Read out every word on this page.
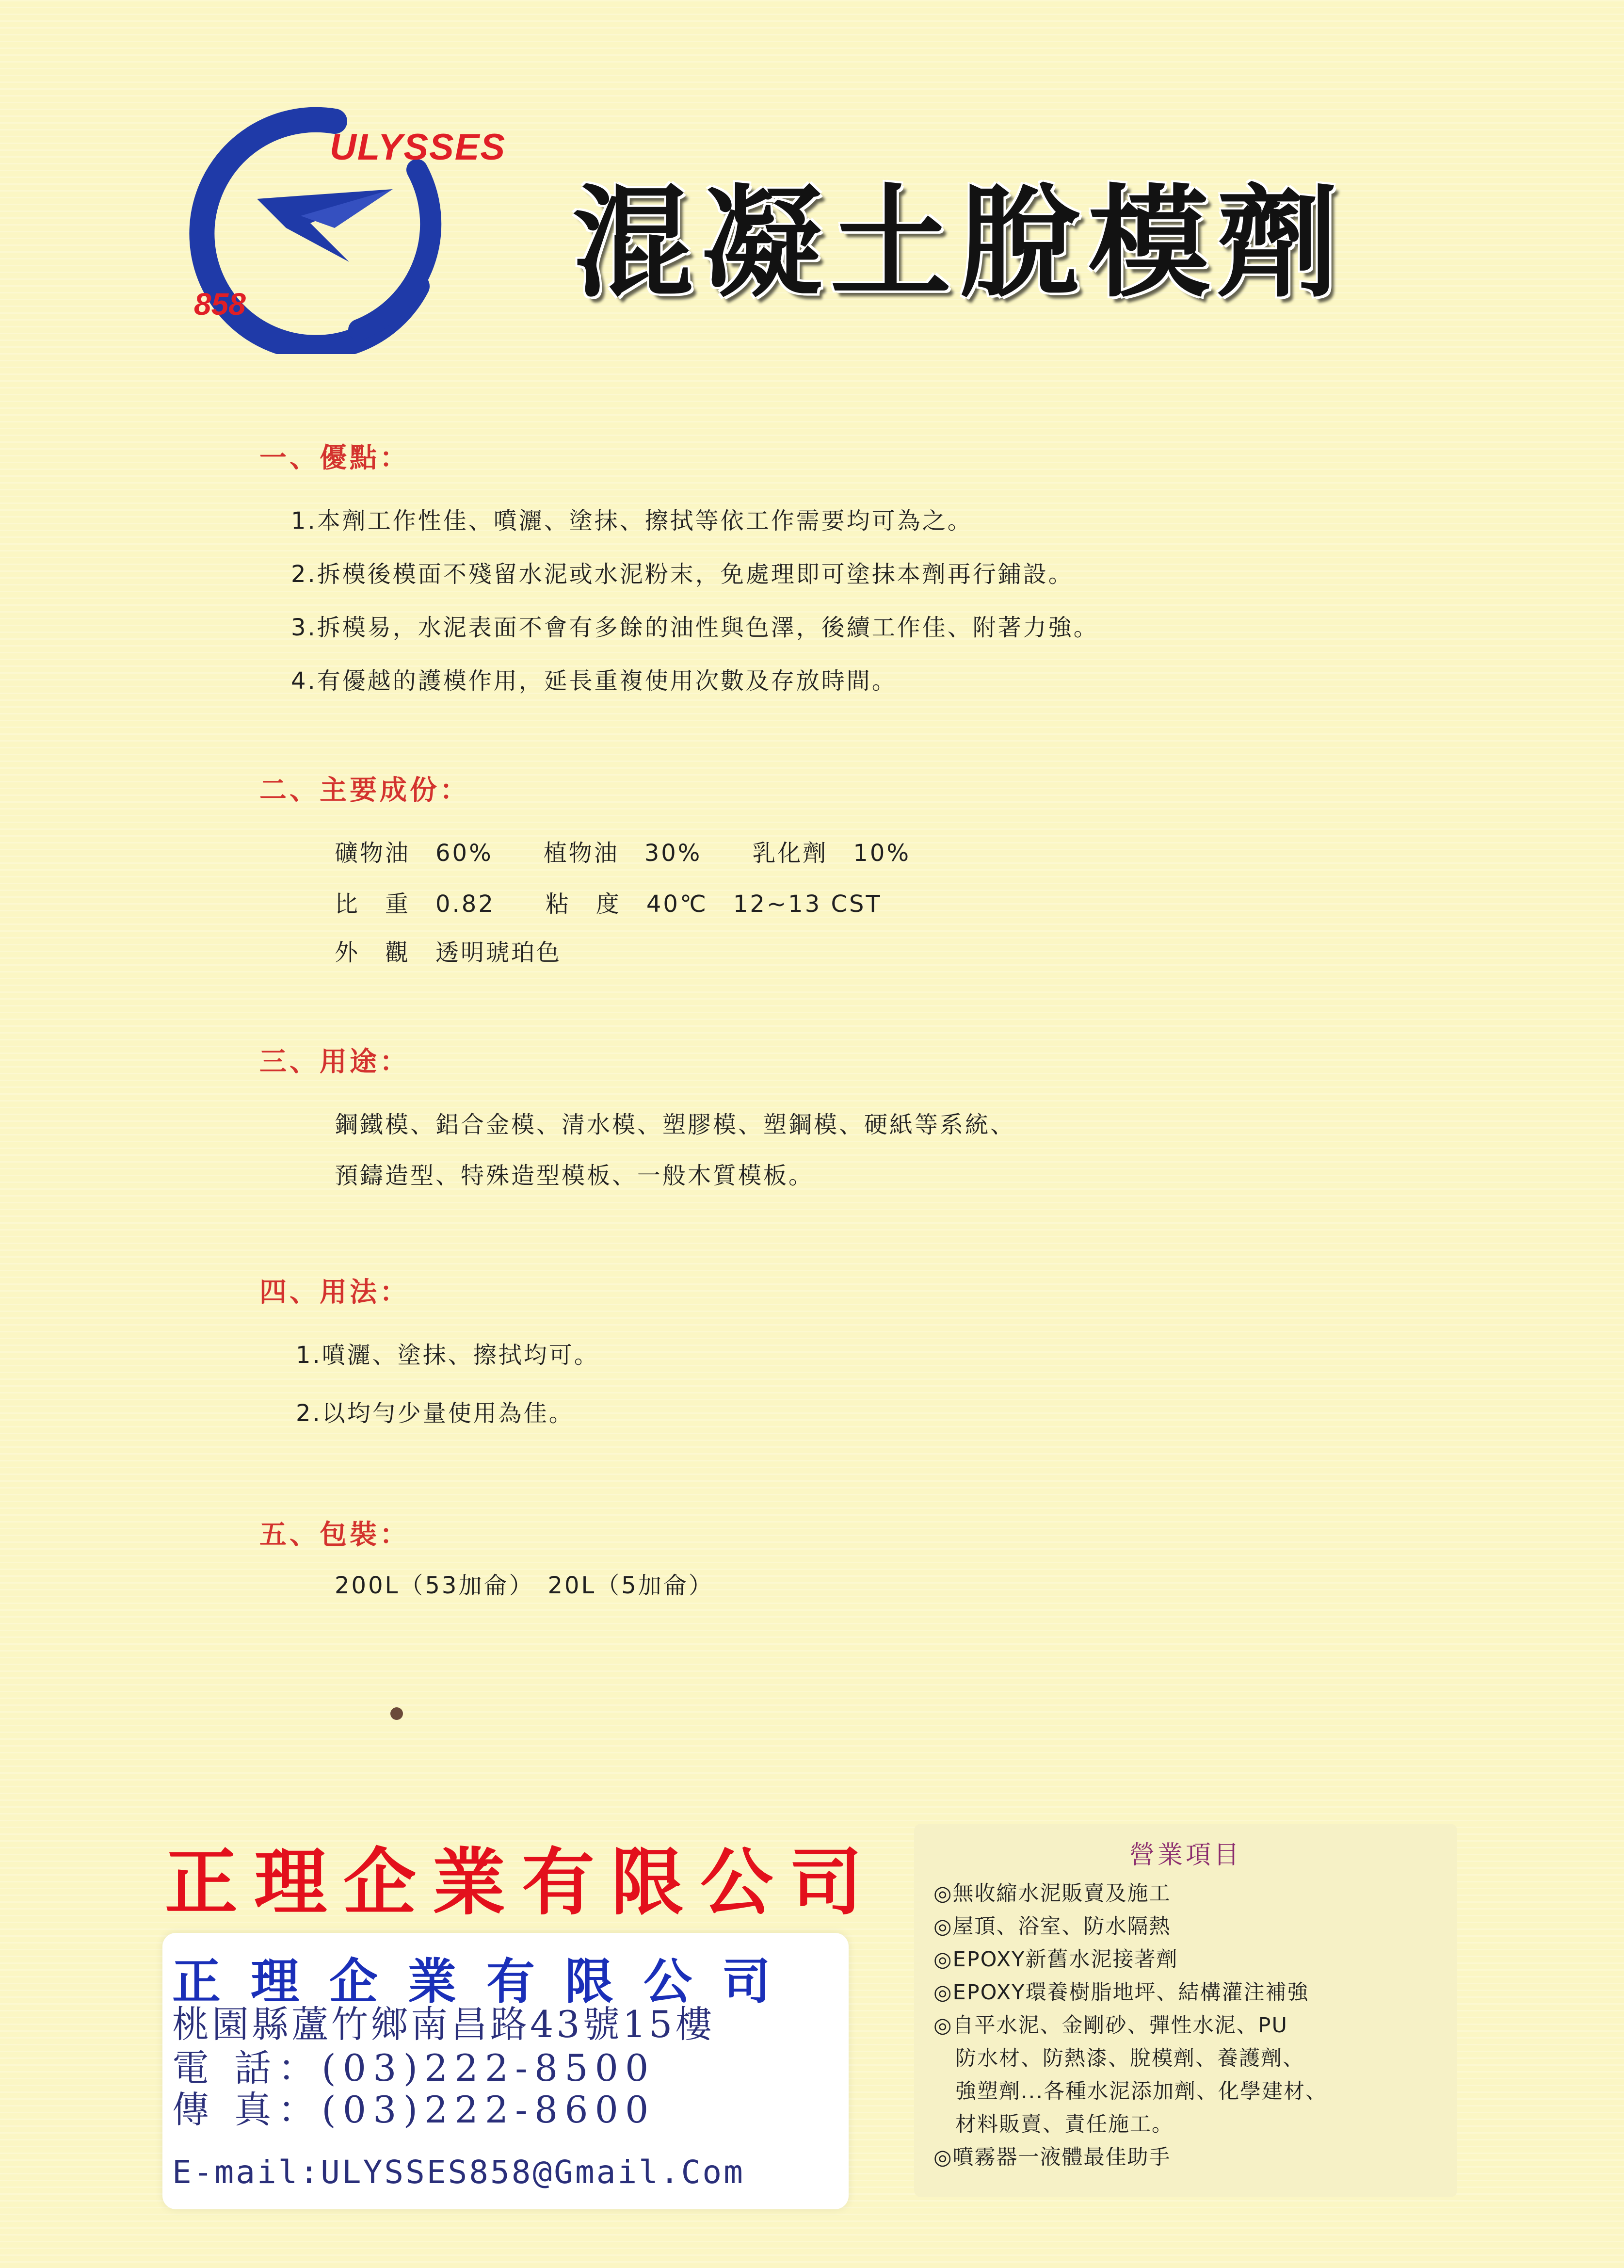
ULYSSES
858	混凝土脫模劑
一、優點：
1.本劑工作性佳、噴灑、塗抹、擦拭等依工作需要均可為之。
2.拆模後模面不殘留水泥或水泥粉末，免處理即可塗抹本劑再行鋪設。
3.拆模易，水泥表面不會有多餘的油性與色澤，後續工作佳、附著力強。
4.有優越的護模作用，延長重複使用次數及存放時間。
二、主要成份：
礦物油　60%　　植物油　30%　　乳化劑　10%
比　重　0.82　　粘　度　40℃　12~13 CST
外　觀　透明琥珀色
三、用途：
鋼鐵模、鋁合金模、清水模、塑膠模、塑鋼模、硬紙等系統、
預鑄造型、特殊造型模板、一般木質模板。
四、用法：
1.噴灑、塗抹、擦拭均可。
2.以均勻少量使用為佳。
五、包裝：
200L（53加侖）　20L（5加侖）
正理企業有限公司
正理企業有限公司
桃園縣蘆竹鄉南昌路43號15樓
電 話：(03)222-8500
傳 真：(03)222-8600
E-mail:ULYSSES858@Gmail.Com
營業項目
◎無收縮水泥販賣及施工
◎屋頂、浴室、防水隔熱
◎EPOXY新舊水泥接著劑
◎EPOXY環養樹脂地坪、結構灌注補強
◎自平水泥、金剛砂、彈性水泥、PU
　防水材、防熱漆、脫模劑、養護劑、
　強塑劑...各種水泥添加劑、化學建材、
　材料販賣、責任施工。
◎噴霧器一液體最佳助手
